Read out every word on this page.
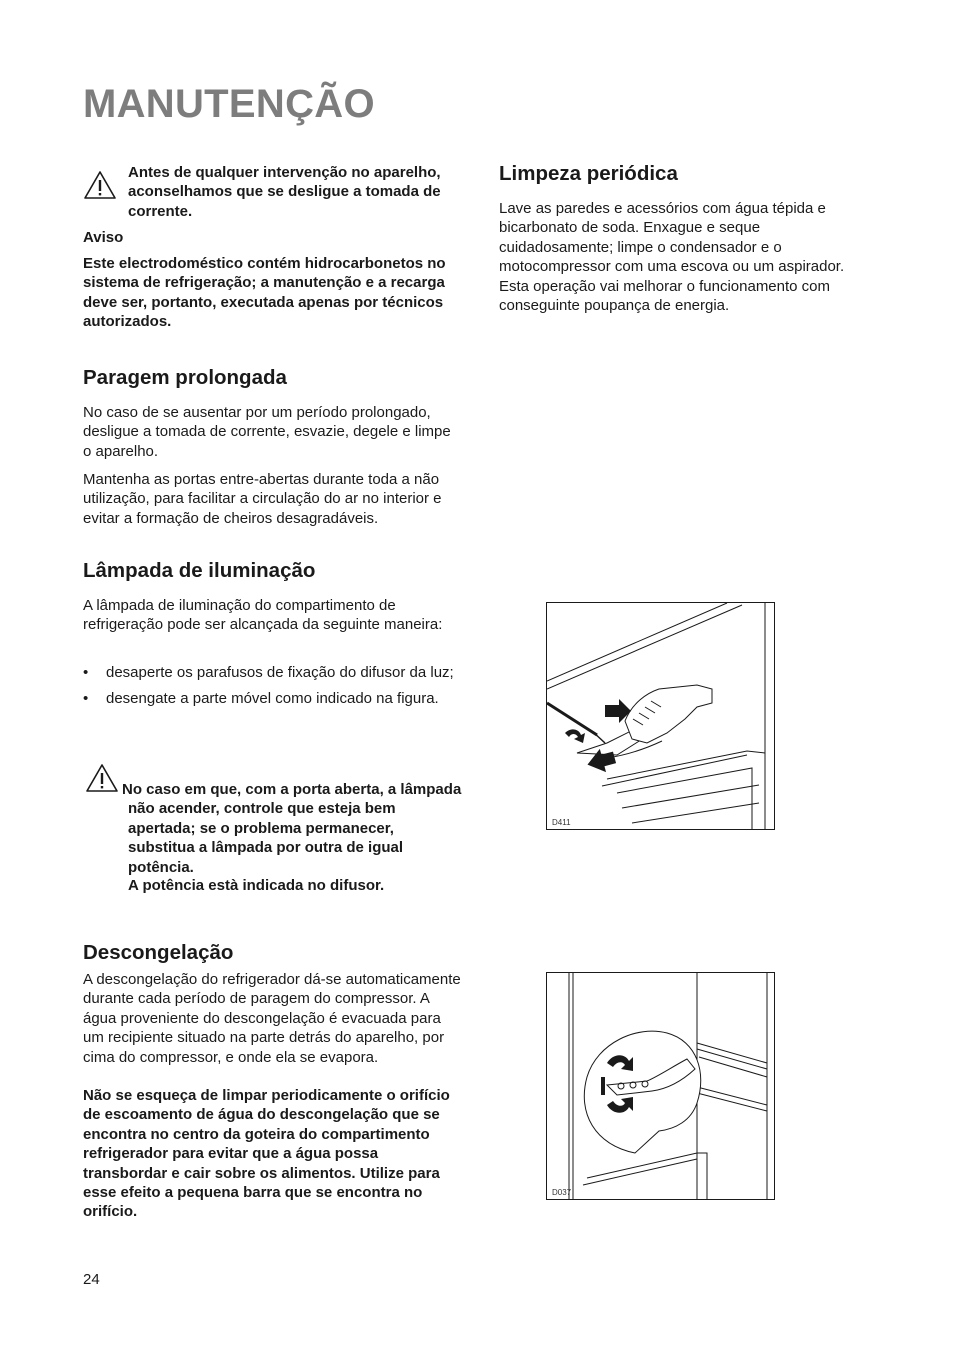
MANUTENÇÃO

Antes de qualquer intervenção no aparelho, aconselhamos que se desligue a tomada de corrente.

Aviso

Este electrodoméstico contém hidrocarbonetos no sistema de refrigeração; a manutenção e a recarga deve ser, portanto, executada apenas por técnicos autorizados.

Paragem prolongada

No caso de se ausentar por um período prolongado, desligue a tomada de corrente, esvazie, degele e limpe o aparelho.

Mantenha as portas entre-abertas durante toda a não utilização, para facilitar a circulação do ar no interior e evitar a formação de cheiros desagradáveis.

Lâmpada de iluminação

A lâmpada de iluminação do compartimento de refrigeração pode ser alcançada da seguinte maneira:

• desaperte os parafusos de fixação do difusor da luz;
• desengate a parte móvel como indicado na figura.

No caso em que, com a porta aberta, a lâmpada não acender, controle que esteja bem apertada; se o problema permanecer, substitua a lâmpada por outra de igual potência.

A potência està indicada no difusor.

Descongelação

A descongelação do refrigerador dá-se automaticamente durante cada período de paragem do compressor. A água proveniente do descongelação é evacuada para um recipiente situado na parte detrás do aparelho, por cima do compressor, e onde ela se evapora.

Não se esqueça de limpar periodicamente o orifício de escoamento de água do descongelação que se encontra no centro da goteira do compartimento refrigerador para evitar que a água possa transbordar e cair sobre os alimentos. Utilize para esse efeito a pequena barra que se encontra no orifício.

Limpeza periódica

Lave as paredes e acessórios com água tépida e bicarbonato de soda. Enxague e seque cuidadosamente; limpe o condensador e o motocompressor com uma escova ou um aspirador. Esta operação vai melhorar o funcionamento com conseguinte poupança de energia.

D411
D037
24
